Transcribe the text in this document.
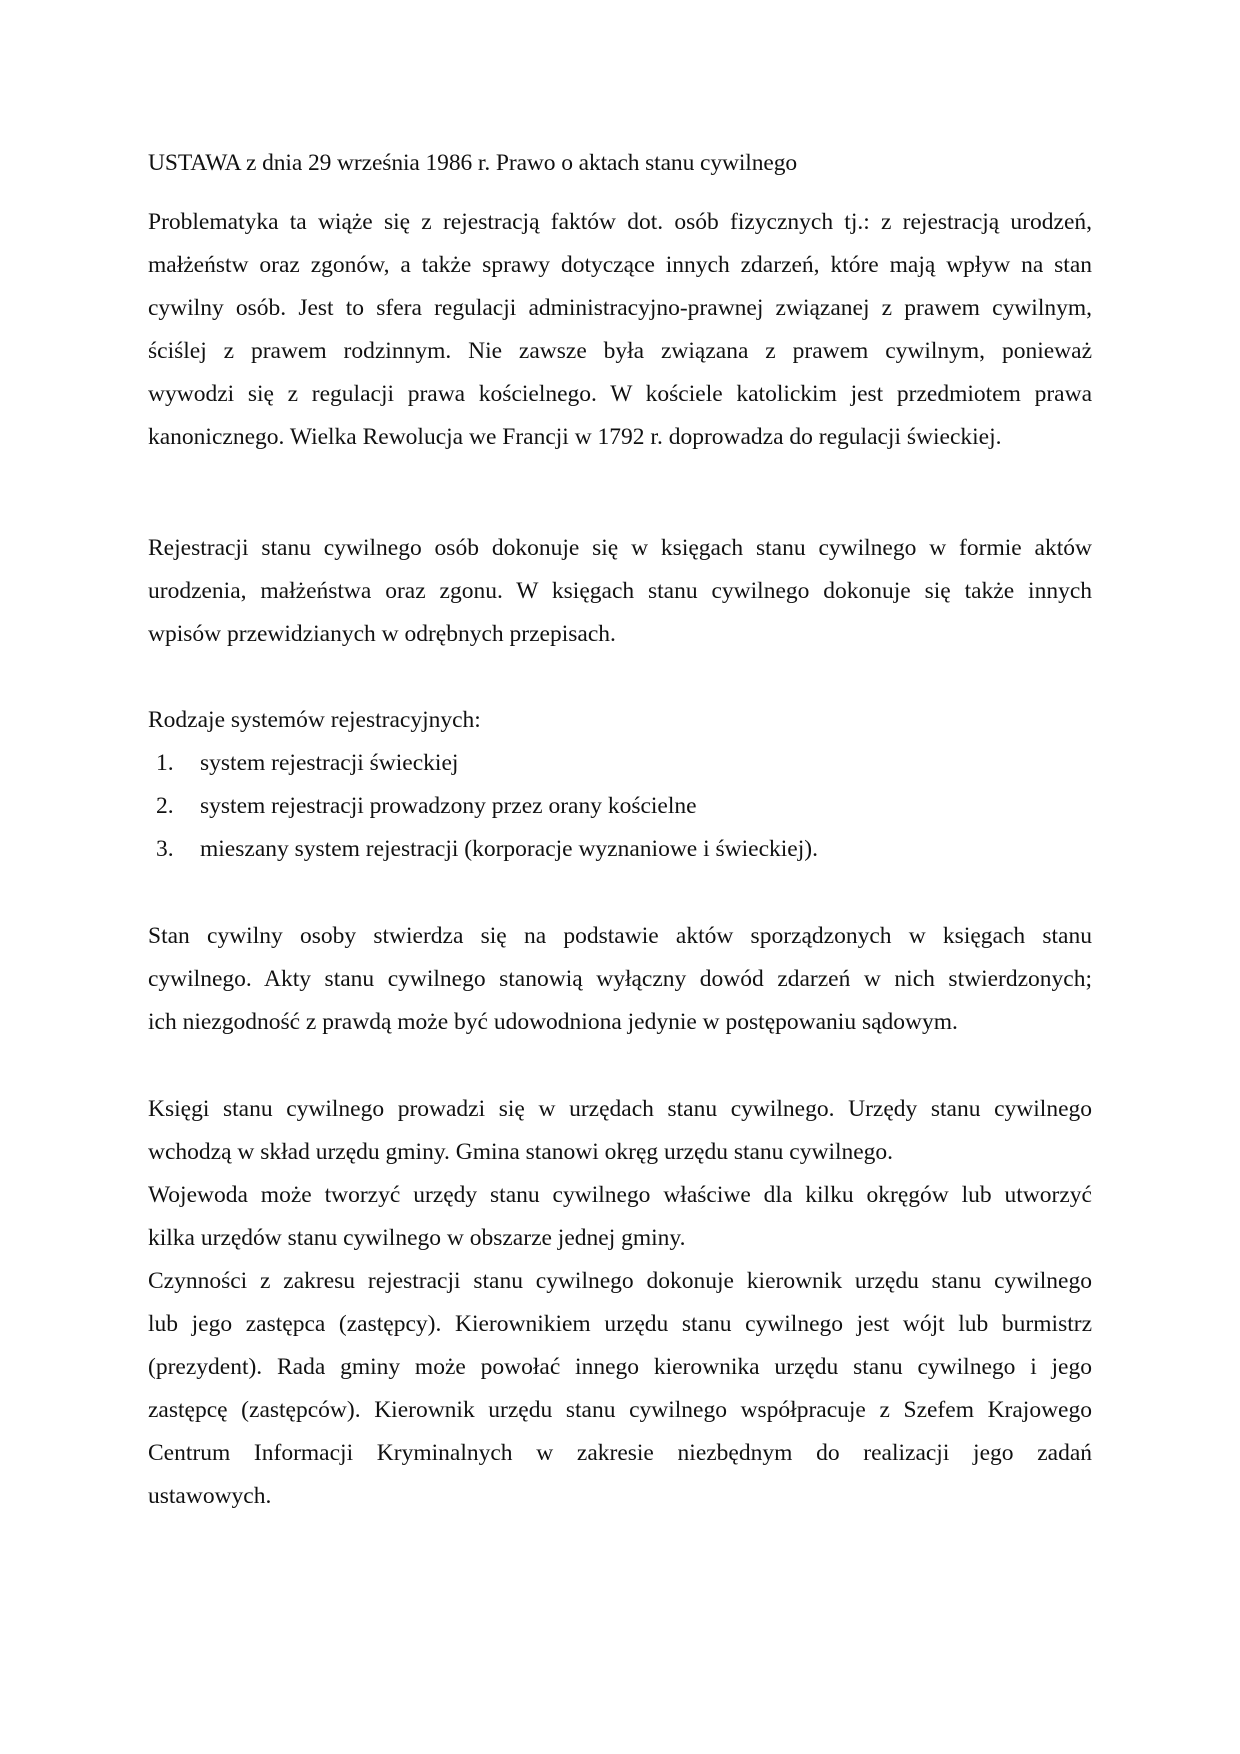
USTAWA z dnia 29 września 1986 r. Prawo o aktach stanu cywilnego
Problematyka ta wiąże się z rejestracją faktów dot. osób fizycznych tj.: z rejestracją urodzeń,
małżeństw oraz zgonów, a także sprawy dotyczące innych zdarzeń, które mają wpływ na stan
cywilny osób. Jest to sfera regulacji administracyjno-prawnej związanej z prawem cywilnym,
ściślej z prawem rodzinnym. Nie zawsze była związana z prawem cywilnym, ponieważ
wywodzi się z regulacji prawa kościelnego. W kościele katolickim jest przedmiotem prawa
kanonicznego. Wielka Rewolucja we Francji w 1792 r. doprowadza do regulacji świeckiej.
Rejestracji stanu cywilnego osób dokonuje się w księgach stanu cywilnego w formie aktów
urodzenia, małżeństwa oraz zgonu. W księgach stanu cywilnego dokonuje się także innych
wpisów przewidzianych w odrębnych przepisach.
Rodzaje systemów rejestracyjnych:
1.	system rejestracji świeckiej
2.	system rejestracji prowadzony przez orany kościelne
3.	mieszany system rejestracji (korporacje wyznaniowe i świeckiej).
Stan cywilny osoby stwierdza się na podstawie aktów sporządzonych w księgach stanu
cywilnego. Akty stanu cywilnego stanowią wyłączny dowód zdarzeń w nich stwierdzonych;
ich niezgodność z prawdą może być udowodniona jedynie w postępowaniu sądowym.
Księgi stanu cywilnego prowadzi się w urzędach stanu cywilnego. Urzędy stanu cywilnego
wchodzą w skład urzędu gminy. Gmina stanowi okręg urzędu stanu cywilnego.
Wojewoda może tworzyć urzędy stanu cywilnego właściwe dla kilku okręgów lub utworzyć
kilka urzędów stanu cywilnego w obszarze jednej gminy.
Czynności z zakresu rejestracji stanu cywilnego dokonuje kierownik urzędu stanu cywilnego
lub jego zastępca (zastępcy). Kierownikiem urzędu stanu cywilnego jest wójt lub burmistrz
(prezydent). Rada gminy może powołać innego kierownika urzędu stanu cywilnego i jego
zastępcę (zastępców). Kierownik urzędu stanu cywilnego współpracuje z Szefem Krajowego
Centrum Informacji Kryminalnych w zakresie niezbędnym do realizacji jego zadań
ustawowych.
